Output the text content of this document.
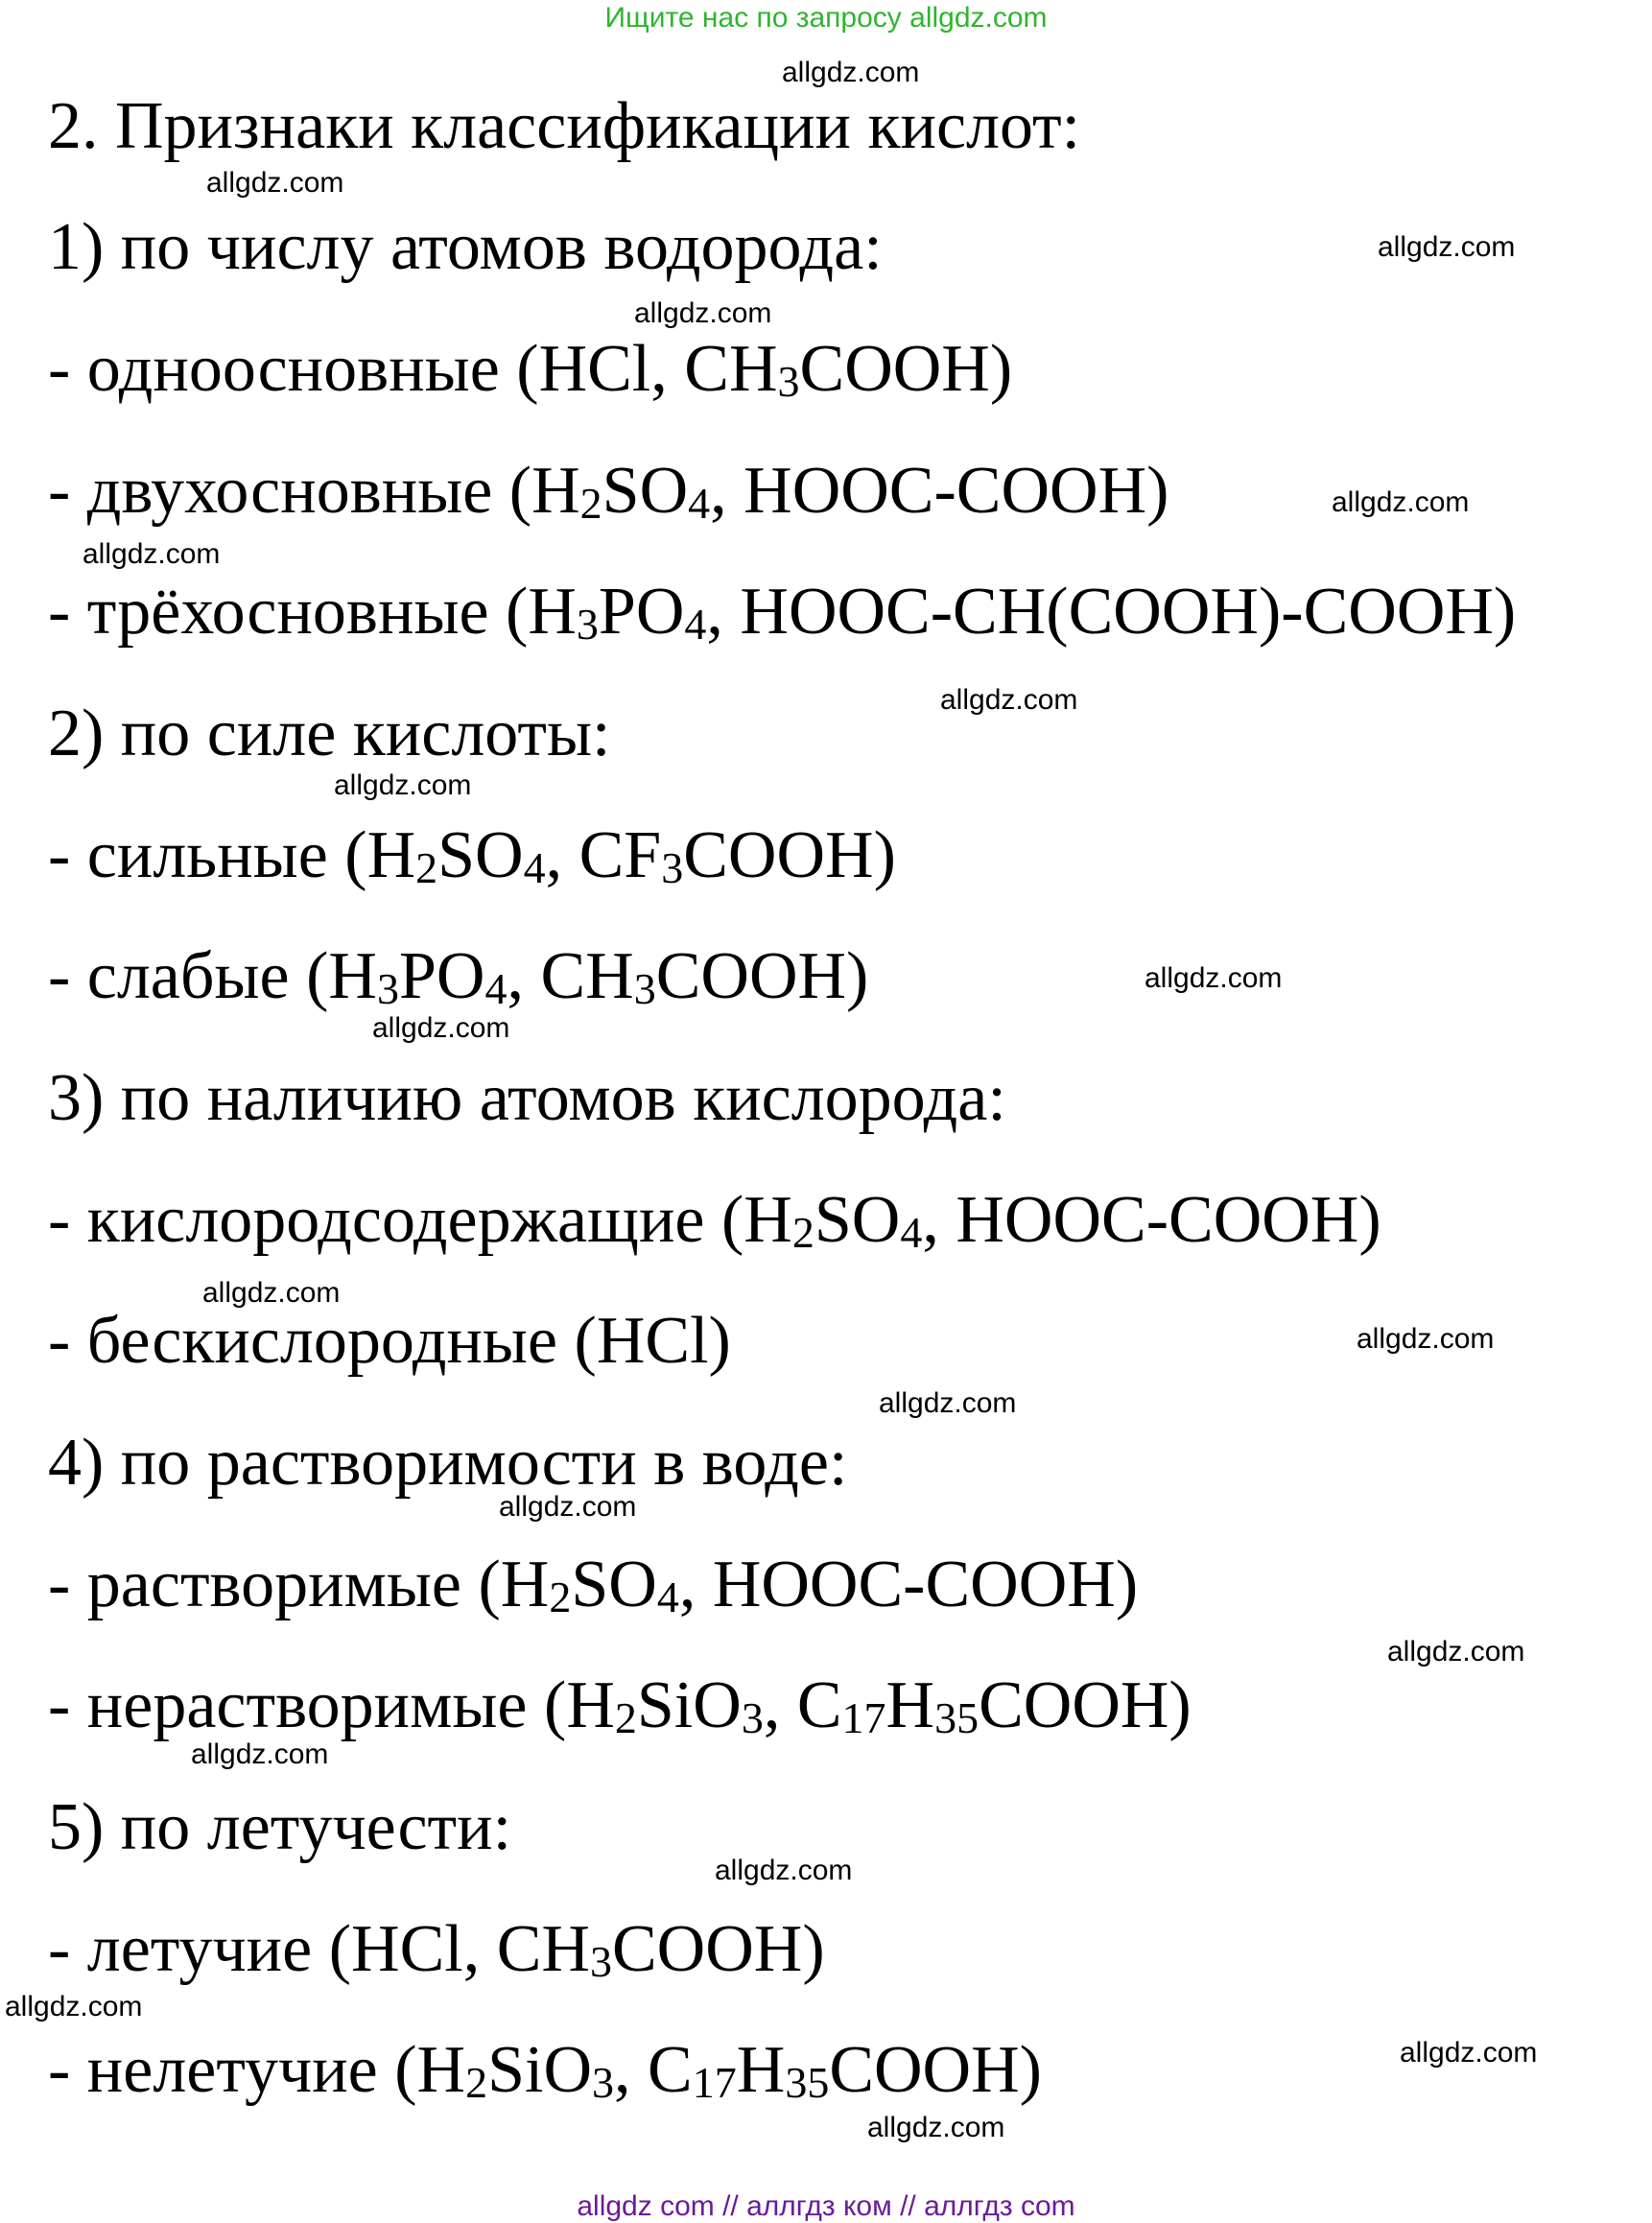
Ищите нас по запросу allgdz.com
2. Признаки классификации кислот:
1) по числу атомов водорода:
- одноосновные (HCl, $CH_3COOH$)
- двухосновные ($H_2SO_4$, HOOC-COOH)
- трёхосновные ($H_3PO_4$, HOOC-CH(COOH)-COOH)
2) по силе кислоты:
- сильные ($H_2SO_4$, $CF_3COOH$)
- слабые ($H_3PO_4$, $CH_3COOH$)
3) по наличию атомов кислорода:
- кислородсодержащие ($H_2SO_4$, HOOC-COOH)
- бескислородные (HCl)
4) по растворимости в воде:
- растворимые ($H_2SO_4$, HOOC-COOH)
- нерастворимые ($H_2SiO_3$, $C_{17}H_{35}COOH$)
5) по летучести:
- летучие (HCl, $CH_3COOH$)
- нелетучие ($H_2SiO_3$, $C_{17}H_{35}COOH$)
allgdz.com
allgdz.com
allgdz.com
allgdz.com
allgdz.com
allgdz.com
allgdz.com
allgdz.com
allgdz.com
allgdz.com
allgdz.com
allgdz.com
allgdz.com
allgdz.com
allgdz.com
allgdz.com
allgdz.com
allgdz.com
allgdz.com
allgdz.com
allgdz com // аллгдз ком // аллгдз com
